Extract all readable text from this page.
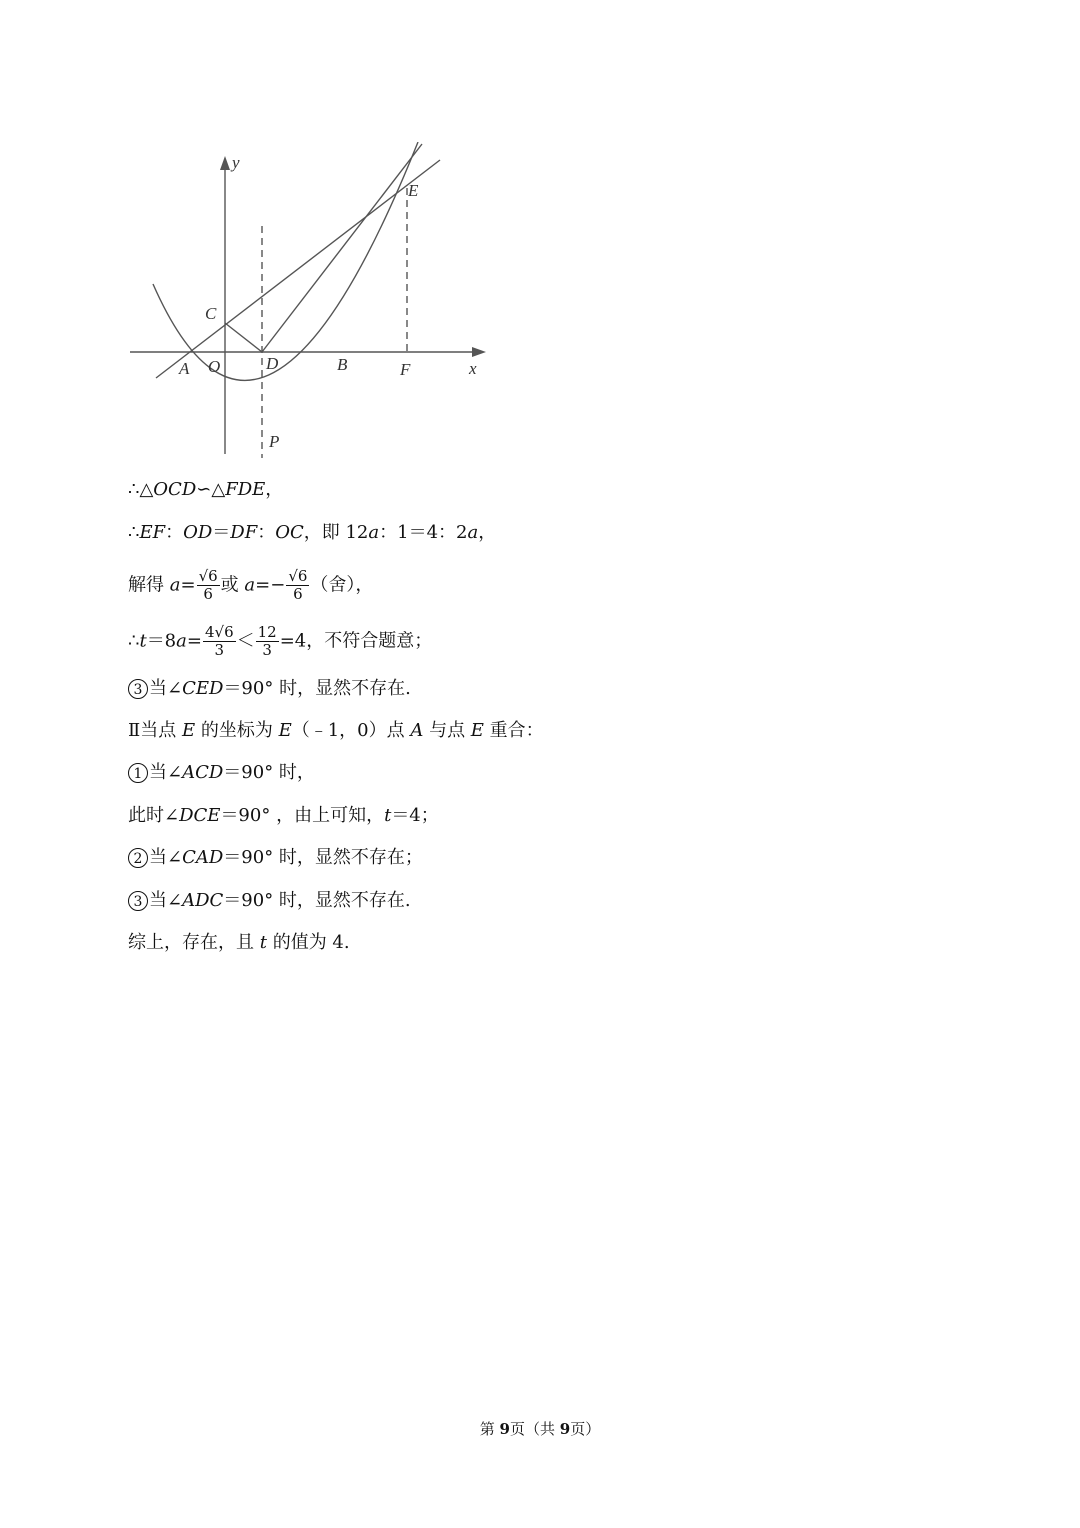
y
x
E
C
A O	D	B	F
P
∴△OCD∽△FDE，
∴EF：OD＝DF：OC，即 12a：1＝4：2a，
解得 $a= \frac{√6}{6}$ 或 $a=- \frac{√6}{6}$ （舍），
∴t＝8a= $\frac{4√6}{3} < \frac{12}{3} =4$，不符合题意；
3 当∠CED＝90° 时，显然不存在.
Ⅱ当点 E 的坐标为 E（﹣1，0）点 A 与点 E 重合：
1 当∠ACD＝90° 时，
此时∠DCE＝90° ，由上可知，t＝4；
2 当∠CAD＝90° 时，显然不存在；
3 当∠ADC＝90° 时，显然不存在.
综上，存在，且 t 的值为 4.
第 9页（共 9页）
